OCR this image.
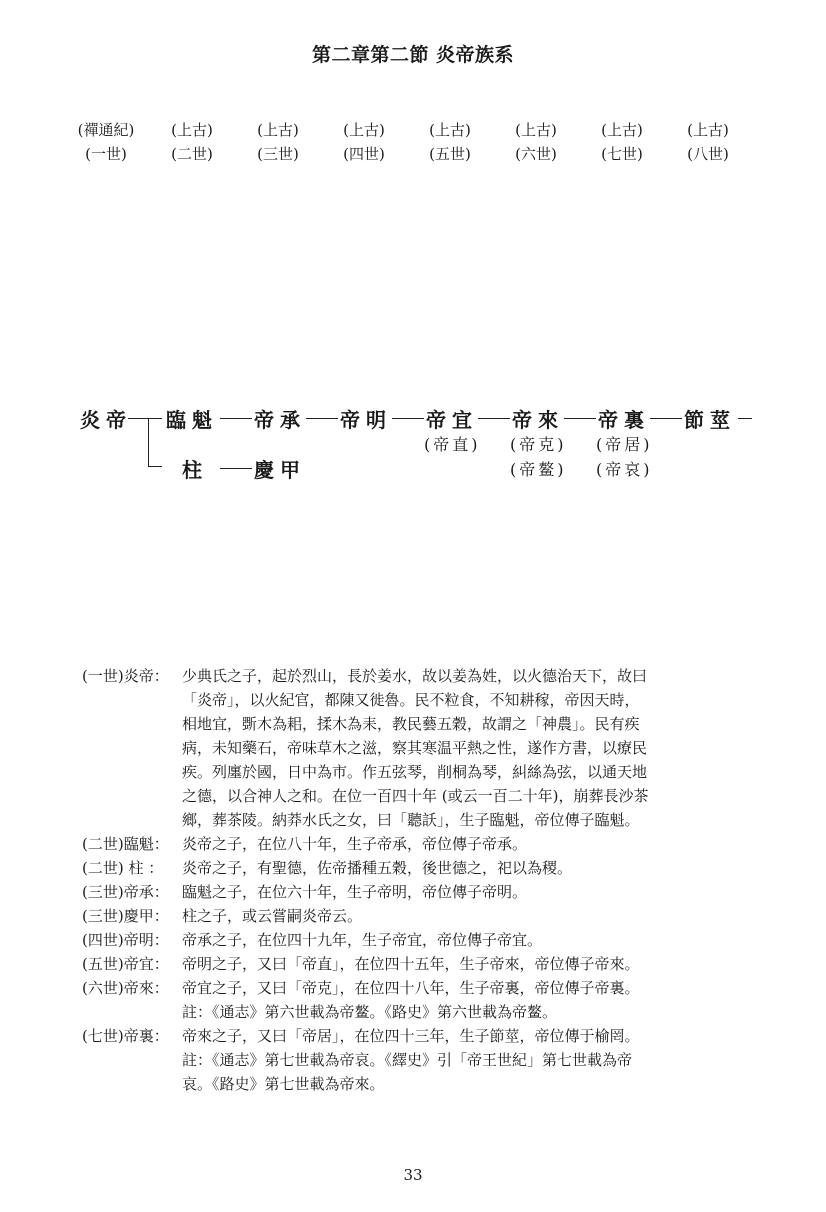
第二章第二節 炎帝族系
(禪通紀)
(一世)
(上古)
(二世)
(上古)
(三世)
(上古)
(四世)
(上古)
(五世)
(上古)
(六世)
(上古)
(七世)
(上古)
(八世)
炎帝 臨魁 帝承 帝明 帝宜 帝來 帝裏 節莖
(帝直) (帝克)
(帝鳌)
(帝居)
(帝哀)
柱 慶甲
(一世)炎帝： 少典氏之子，起於烈山，長於姜水，故以姜為姓，以火德治天下，故曰
「炎帝」，以火紀官，都陳又徙魯。民不粒食，不知耕稼，帝因天時，
相地宜，斲木為耜，揉木為耒，教民藝五穀，故謂之「神農」。民有疾
病，未知藥石，帝味草木之滋，察其寒温平熱之性，遂作方書，以療民
疾。列廛於國，日中為市。作五弦琴，削桐為琴，糾絲為弦，以通天地
之德，以合神人之和。在位一百四十年 (或云一百二十年)，崩葬長沙茶
鄉，葬茶陵。納莽水氏之女，曰「聽訞」，生子臨魁，帝位傳子臨魁。
(二世)臨魁： 炎帝之子，在位八十年，生子帝承，帝位傳子帝承。
(二世) 柱 ：	炎帝之子，有聖德，佐帝播種五穀，後世德之，祀以為稷。
(三世)帝承： 臨魁之子，在位六十年，生子帝明，帝位傳子帝明。
(三世)慶甲： 柱之子，或云嘗嗣炎帝云。
(四世)帝明： 帝承之子，在位四十九年，生子帝宜，帝位傳子帝宜。
(五世)帝宜： 帝明之子，又曰「帝直」，在位四十五年，生子帝來，帝位傳子帝來。
(六世)帝來： 帝宜之子，又曰「帝克」，在位四十八年，生子帝裏，帝位傳子帝裏。
註：《通志》第六世載為帝鳌。《路史》第六世載為帝鳌。
(七世)帝裏： 帝來之子，又曰「帝居」，在位四十三年，生子節莖，帝位傳于榆罔。
註：《通志》第七世載為帝哀。《繹史》引「帝王世紀」第七世載為帝
哀。《路史》第七世載為帝來。
33
